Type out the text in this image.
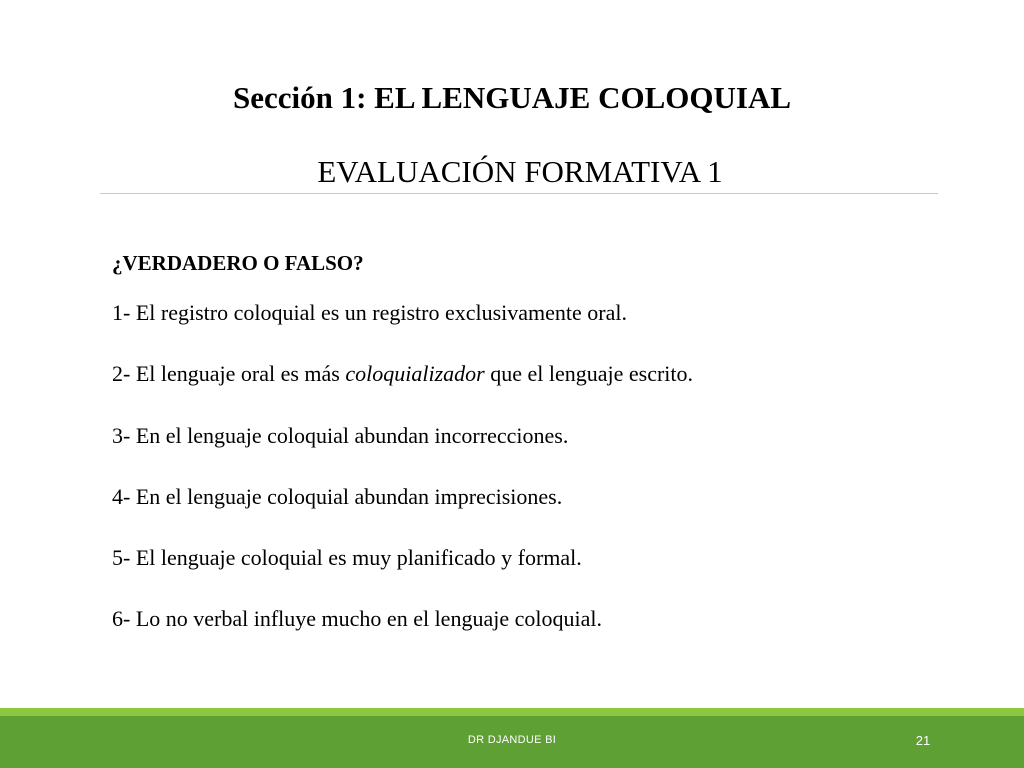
Sección 1: EL LENGUAJE COLOQUIAL
EVALUACIÓN FORMATIVA 1
¿VERDADERO O FALSO?
1- El registro coloquial es un registro exclusivamente oral.
2- El lenguaje oral es más coloquializador que el lenguaje escrito.
3- En el lenguaje coloquial abundan incorrecciones.
4- En el lenguaje coloquial abundan imprecisiones.
5- El lenguaje coloquial es muy planificado y formal.
6- Lo no verbal influye mucho en el lenguaje coloquial.
DR DJANDUE BI	21
